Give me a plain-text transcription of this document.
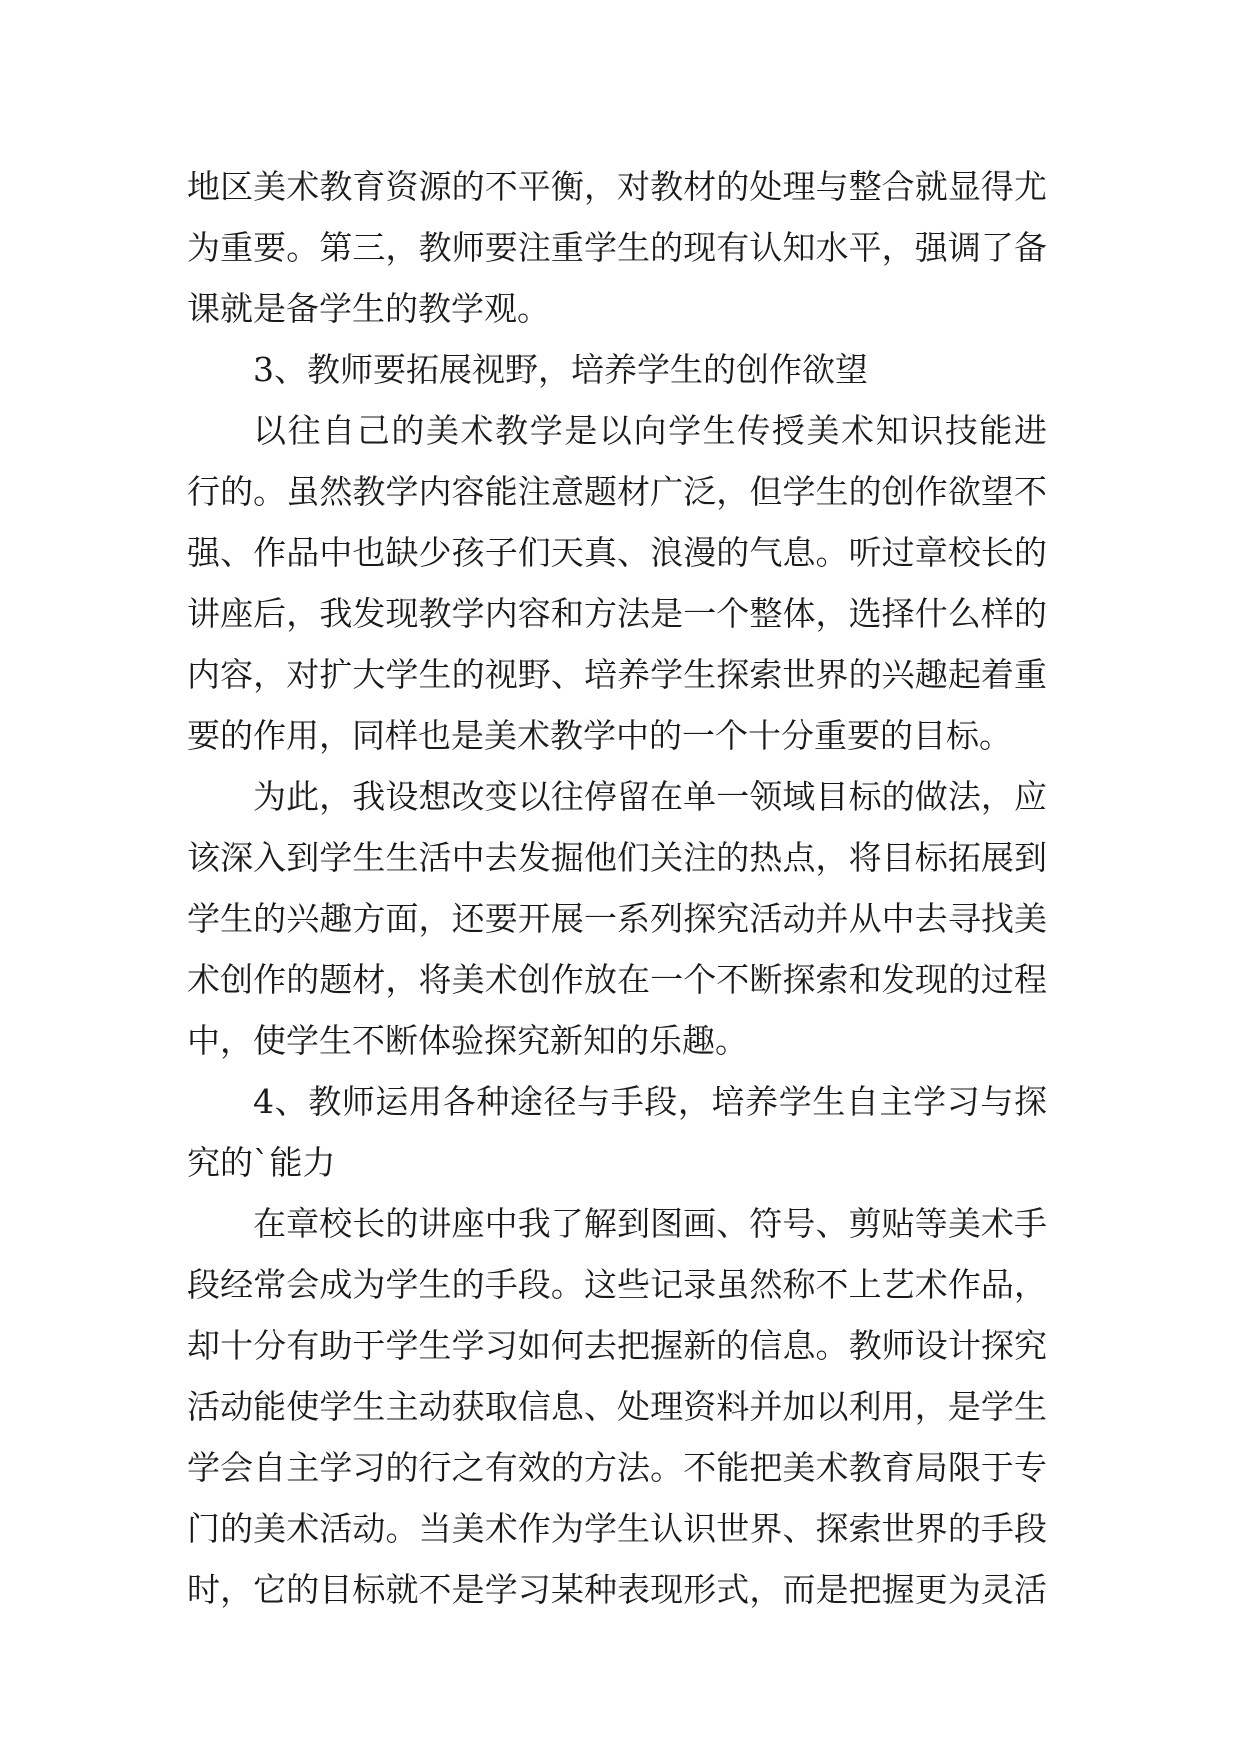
地区美术教育资源的不平衡，对教材的处理与整合就显得尤
为重要。第三，教师要注重学生的现有认知水平，强调了备
课就是备学生的教学观。
3、教师要拓展视野，培养学生的创作欲望
以往自己的美术教学是以向学生传授美术知识技能进
行的。虽然教学内容能注意题材广泛，但学生的创作欲望不
强、作品中也缺少孩子们天真、浪漫的气息。听过章校长的
讲座后，我发现教学内容和方法是一个整体，选择什么样的
内容，对扩大学生的视野、培养学生探索世界的兴趣起着重
要的作用，同样也是美术教学中的一个十分重要的目标。
为此，我设想改变以往停留在单一领域目标的做法，应
该深入到学生生活中去发掘他们关注的热点，将目标拓展到
学生的兴趣方面，还要开展一系列探究活动并从中去寻找美
术创作的题材，将美术创作放在一个不断探索和发现的过程
中，使学生不断体验探究新知的乐趣。
4、教师运用各种途径与手段，培养学生自主学习与探
究的`能力
在章校长的讲座中我了解到图画、符号、剪贴等美术手
段经常会成为学生的手段。这些记录虽然称不上艺术作品，
却十分有助于学生学习如何去把握新的信息。教师设计探究
活动能使学生主动获取信息、处理资料并加以利用，是学生
学会自主学习的行之有效的方法。不能把美术教育局限于专
门的美术活动。当美术作为学生认识世界、探索世界的手段
时，它的目标就不是学习某种表现形式，而是把握更为灵活
